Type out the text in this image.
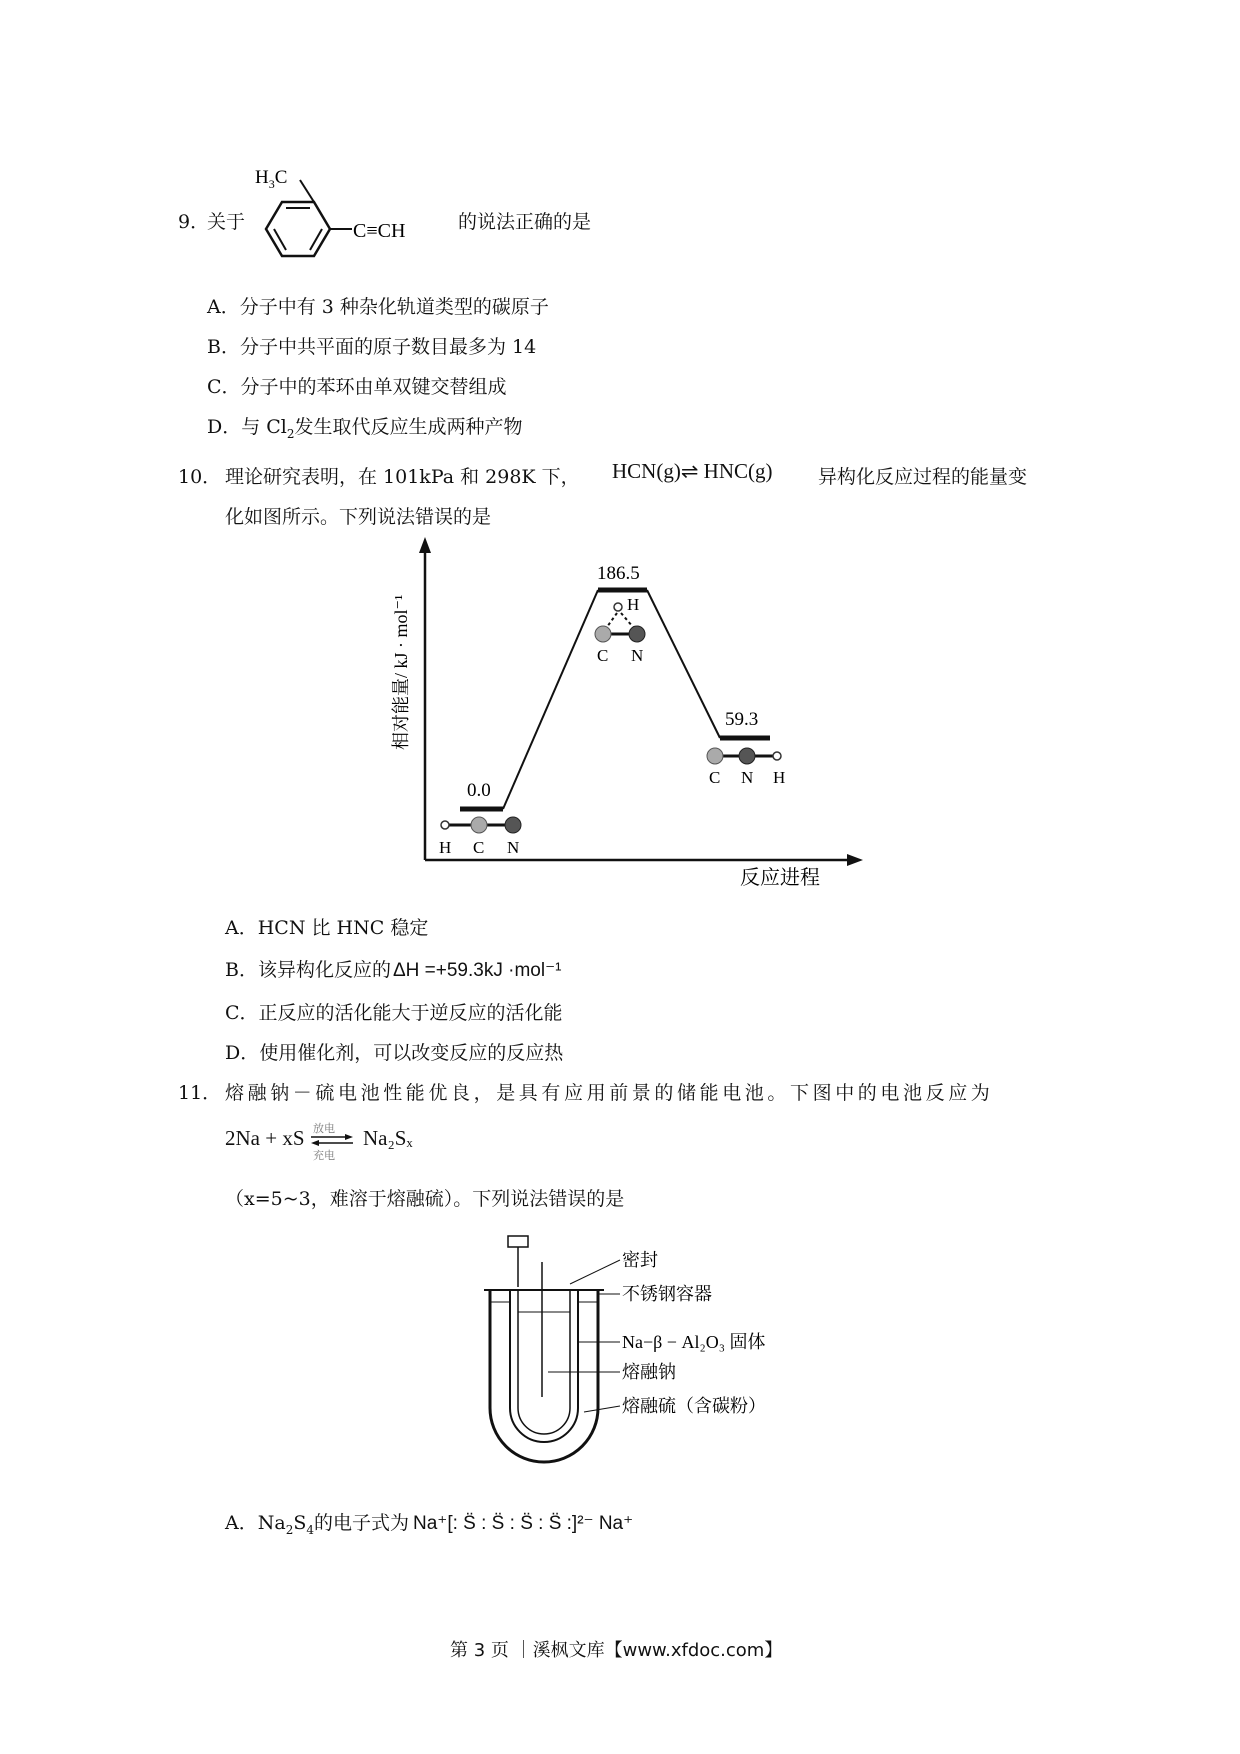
9．
关于
$H_3C$
C≡CH	的说法正确的是
A．分子中有 3 种杂化轨道类型的碳原子
B．分子中共平面的原子数目最多为 14
C．分子中的苯环由单双键交替组成
D．与 $Cl_2$发生取代反应生成两种产物
10． 理论研究表明，在 101kPa 和 298K 下， HCN(g)⇌ HNC(g) 异构化反应过程的能量变
化如图所示。下列说法错误的是
相对能量/ kJ · mol⁻¹
反应进程
0.0
186.5
59.3
H C N
H
C N
C N H
A．HCN 比 HNC 稳定
B．该异构化反应的 ΔH =+59.3kJ ·mol⁻¹
C．正反应的活化能大于逆反应的活化能
D．使用催化剂，可以改变反应的反应热
11． 熔融钠－硫电池性能优良，是具有应用前景的储能电池。下图中的电池反应为
2Na + xS 放电
充电
Na₂Sₓ
（x=5~3，难溶于熔融硫）。下列说法错误的是
密封
不锈钢容器
Na−β − Al₂O₃ 固体
熔融钠
熔融硫（含碳粉）
A．$Na_2S_4$的电子式为 Na⁺[: S̈ : S̈ : S̈ : S̈ :]²⁻ Na⁺
第 3 页 ｜溪枫文库【www.xfdoc.com】
